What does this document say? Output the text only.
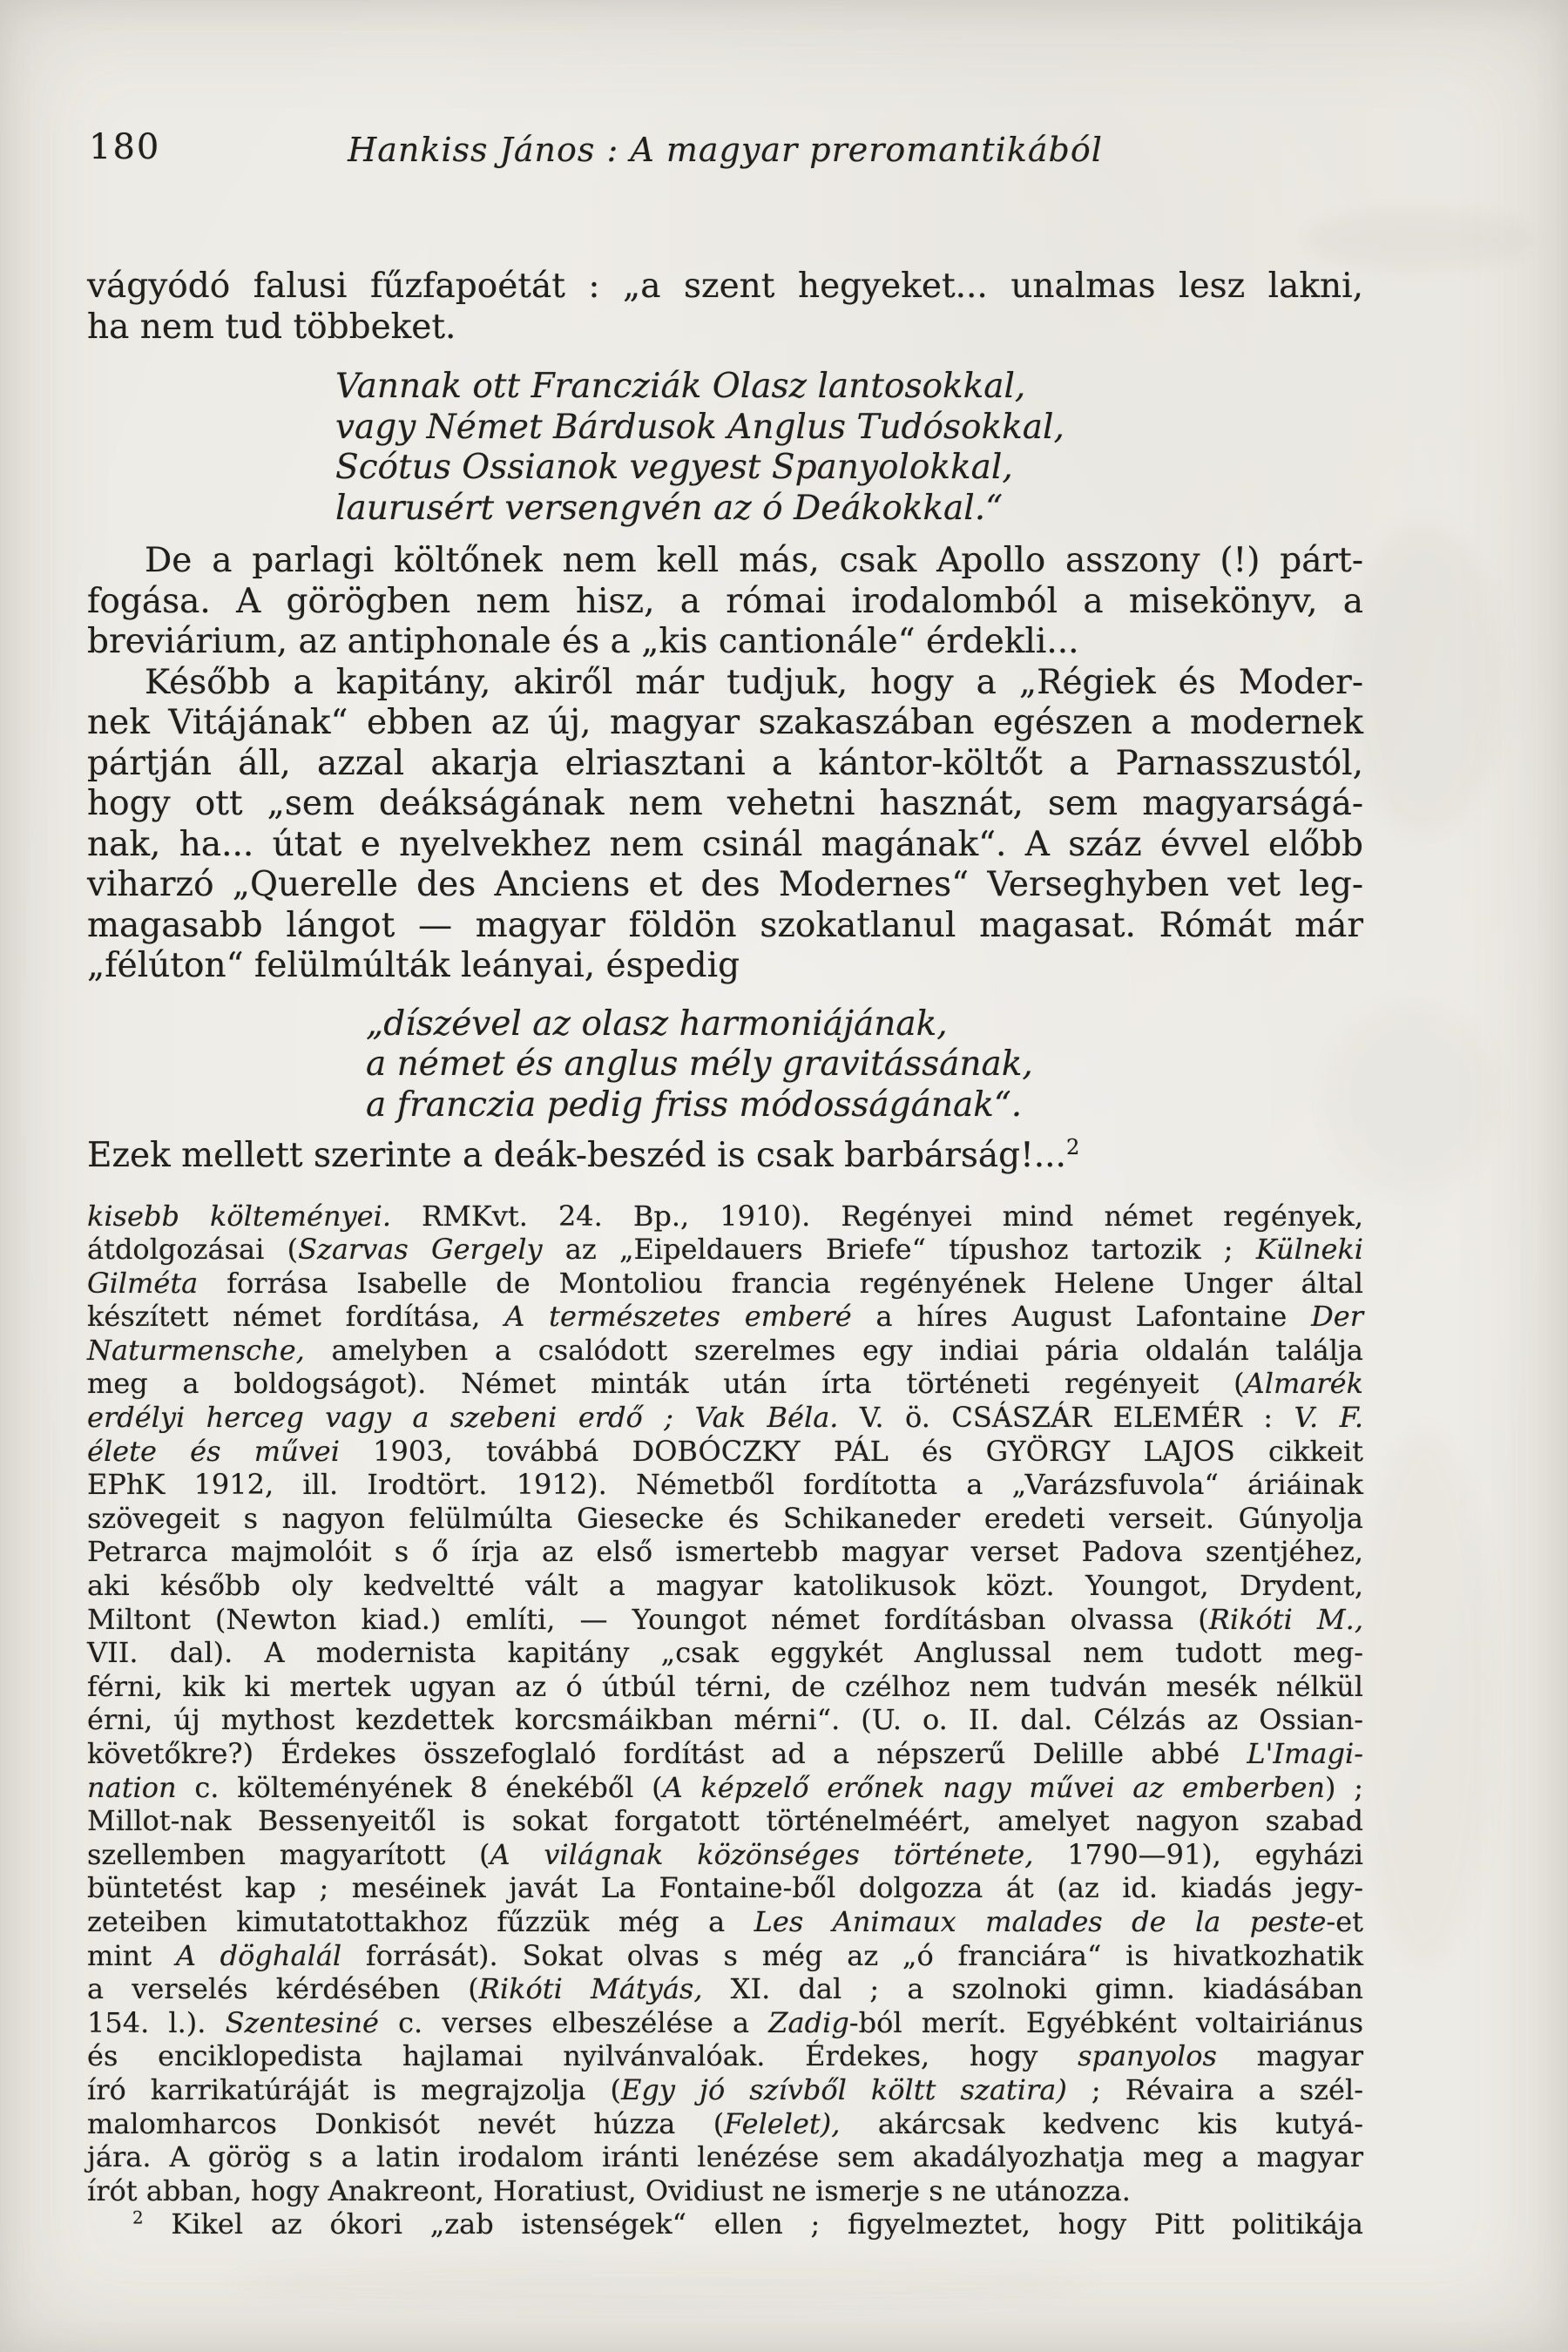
180	Hankiss János : A magyar preromantikából
vágyódó falusi fűzfapoétát : „a szent hegyeket... unalmas lesz lakni,
ha nem tud többeket.
Vannak ott Francziák Olasz lantosokkal,
vagy Német Bárdusok Anglus Tudósokkal,
Scótus Ossianok vegyest Spanyolokkal,
laurusért versengvén az ó Deákokkal.“
De a parlagi költőnek nem kell más, csak Apollo asszony (!) párt-
fogása. A görögben nem hisz, a római irodalomból a misekönyv, a
breviárium, az antiphonale és a „kis cantionále“ érdekli...
Később a kapitány, akiről már tudjuk, hogy a „Régiek és Moder-
nek Vitájának“ ebben az új, magyar szakaszában egészen a modernek
pártján áll, azzal akarja elriasztani a kántor-költőt a Parnasszustól,
hogy ott „sem deákságának nem vehetni hasznát, sem magyarságá-
nak, ha... útat e nyelvekhez nem csinál magának“. A száz évvel előbb
viharzó „Querelle des Anciens et des Modernes“ Verseghyben vet leg-
magasabb lángot — magyar földön szokatlanul magasat. Rómát már
„félúton“ felülmúlták leányai, éspedig
„díszével az olasz harmoniájának,
a német és anglus mély gravitássának,
a franczia pedig friss módosságának“.
Ezek mellett szerinte a deák-beszéd is csak barbárság!...$^2$
kisebb költeményei. RMKvt. 24. Bp., 1910). Regényei mind német regények,
átdolgozásai (Szarvas Gergely az „Eipeldauers Briefe“ típushoz tartozik ; Külneki
Gilméta forrása Isabelle de Montoliou francia regényének Helene Unger által
készített német fordítása, A természetes emberé a híres August Lafontaine Der
Naturmensche, amelyben a csalódott szerelmes egy indiai pária oldalán találja
meg a boldogságot). Német minták után írta történeti regényeit (Almarék
erdélyi herceg vagy a szebeni erdő ; Vak Béla. V. ö. CSÁSZÁR ELEMÉR : V. F.
élete és művei 1903, továbbá DOBÓCZKY PÁL és GYÖRGY LAJOS cikkeit
EPhK 1912, ill. Irodtört. 1912). Németből fordította a „Varázsfuvola“ áriáinak
szövegeit s nagyon felülmúlta Giesecke és Schikaneder eredeti verseit. Gúnyolja
Petrarca majmolóit s ő írja az első ismertebb magyar verset Padova szentjéhez,
aki később oly kedveltté vált a magyar katolikusok közt. Youngot, Drydent,
Miltont (Newton kiad.) említi, — Youngot német fordításban olvassa (Rikóti M.,
VII. dal). A modernista kapitány „csak eggykét Anglussal nem tudott meg-
férni, kik ki mertek ugyan az ó útbúl térni, de czélhoz nem tudván mesék nélkül
érni, új mythost kezdettek korcsmáikban mérni“. (U. o. II. dal. Célzás az Ossian-
követőkre?) Érdekes összefoglaló fordítást ad a népszerű Delille abbé L'Imagi-
nation c. költeményének 8 énekéből (A képzelő erőnek nagy művei az emberben) ;
Millot-nak Bessenyeitől is sokat forgatott történelméért, amelyet nagyon szabad
szellemben magyarított (A világnak közönséges története, 1790—91), egyházi
büntetést kap ; meséinek javát La Fontaine-ből dolgozza át (az id. kiadás jegy-
zeteiben kimutatottakhoz fűzzük még a Les Animaux malades de la peste-et
mint A döghalál forrását). Sokat olvas s még az „ó franciára“ is hivatkozhatik
a verselés kérdésében (Rikóti Mátyás, XI. dal ; a szolnoki gimn. kiadásában
154. l.). Szentesiné c. verses elbeszélése a Zadig-ból merít. Egyébként voltairiánus
és enciklopedista hajlamai nyilvánvalóak. Érdekes, hogy spanyolos magyar
író karrikatúráját is megrajzolja (Egy jó szívből költt szatira) ; Révaira a szél-
malomharcos Donkisót nevét húzza (Felelet), akárcsak kedvenc kis kutyá-
jára. A görög s a latin irodalom iránti lenézése sem akadályozhatja meg a magyar
írót abban, hogy Anakreont, Horatiust, Ovidiust ne ismerje s ne utánozza.
$^2$ Kikel az ókori „zab istenségek“ ellen ; figyelmeztet, hogy Pitt politikája
